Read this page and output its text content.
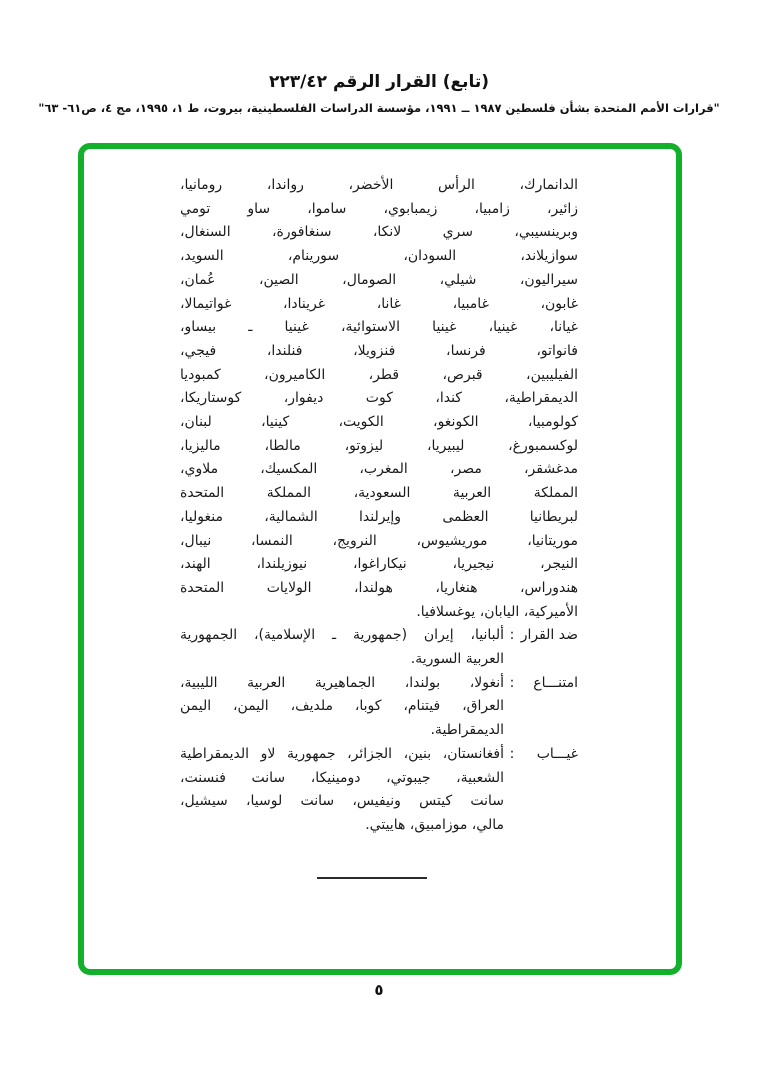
(تابع) القرار الرقم ٢٢٣/٤٢
"قرارات الأمم المتحدة بشأن فلسطين ١٩٨٧ ــ ١٩٩١، مؤسسة الدراسات الفلسطينية، بيروت، ط ١، ١٩٩٥، مج ٤، ص٦١- ٦٣"
الدانمارك، الرأس الأخضر، رواندا، رومانيا،
زائير، زامبيا، زيمبابوي، ساموا، ساو تومي
وبرينسيبي، سري لانكا، سنغافورة، السنغال،
سوازيلاند، السودان، سورينام، السويد،
سيراليون، شيلي، الصومال، الصين، عُمان،
غابون، غامبيا، غانا، غرينادا، غواتيمالا،
غيانا، غينيا، غينيا الاستوائية، غينيا ـ بيساو،
فانواتو، فرنسا، فنزويلا، فنلندا، فيجي،
الفيليبين، قبرص، قطر، الكاميرون، كمبوديا
الديمقراطية، كندا، كوت ديفوار، كوستاريكا،
كولومبيا، الكونغو، الكويت، كينيا، لبنان،
لوكسمبورغ، ليبيريا، ليزوتو، مالطا، ماليزيا،
مدغشقر، مصر، المغرب، المكسيك، ملاوي،
المملكة العربية السعودية، المملكة المتحدة
لبريطانيا العظمى وإيرلندا الشمالية، منغوليا،
موريتانيا، موريشيوس، النرويج، النمسا، نيبال،
النيجر، نيجيريا، نيكاراغوا، نيوزيلندا، الهند،
هندوراس، هنغاريا، هولندا، الولايات المتحدة
الأميركية، اليابان، يوغسلافيا.
ضد القرار
:
ألبانيا، إيران (جمهورية ـ الإسلامية)، الجمهورية
العربية السورية.
امتنـــاع
:
أنغولا، بولندا، الجماهيرية العربية الليبية،
العراق، فيتنام، كوبا، ملديف، اليمن، اليمن
الديمقراطية.
غيـــاب
:
أفغانستان، بنين، الجزائر، جمهورية لاو الديمقراطية
الشعبية، جيبوتي، دومينيكا، سانت فنسنت،
سانت كيتس ونيفيس، سانت لوسيا، سيشيل،
مالي، موزامبيق، هاييتي.
٥
